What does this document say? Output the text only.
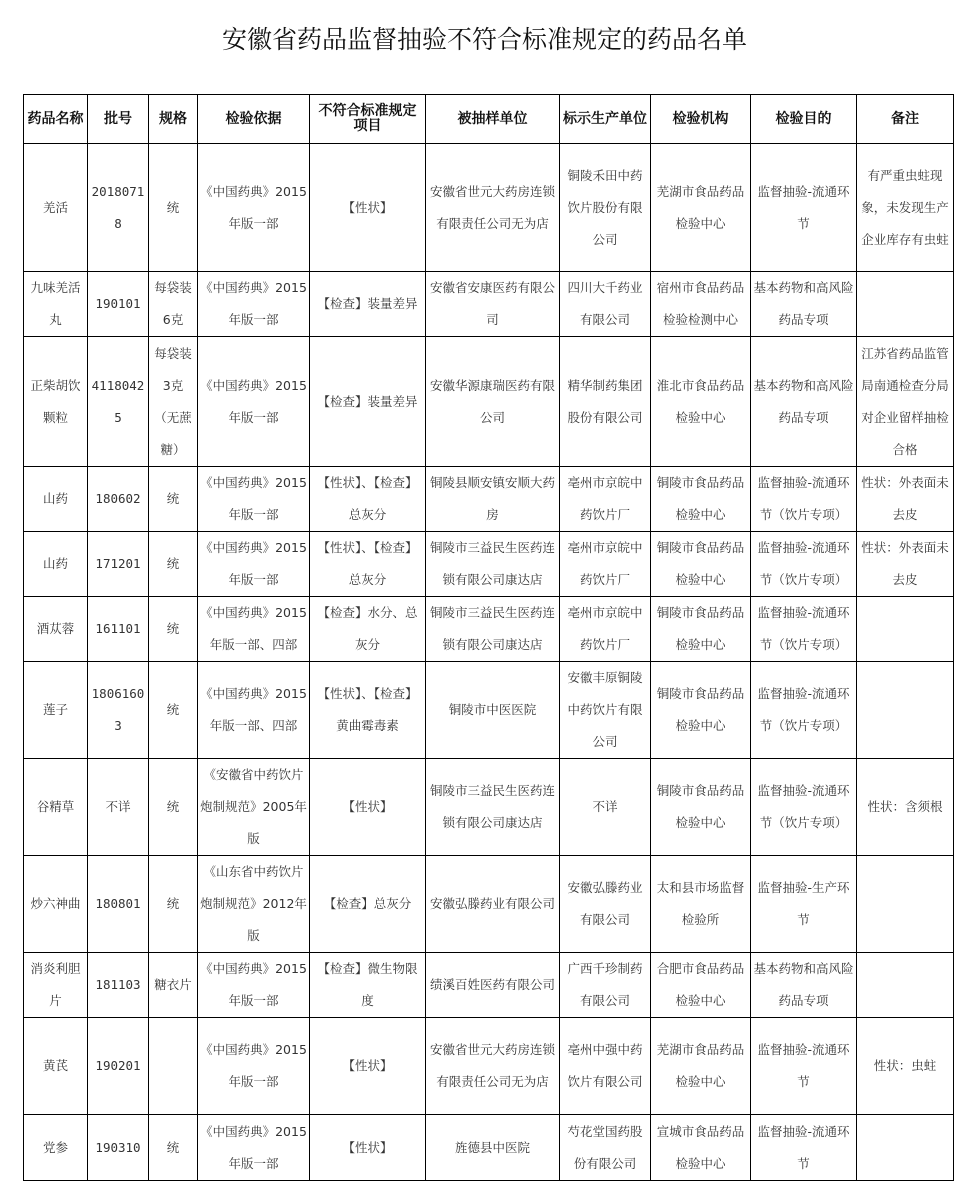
安徽省药品监督抽验不符合标准规定的药品名单
药品名称	批号	规格	检验依据	不符合标准规定项目	被抽样单位	标示生产单位	检验机构	检验目的	备注
羌活	20180718	统	《中国药典》2015年版一部	【性状】	安徽省世元大药房连锁有限责任公司无为店	铜陵禾田中药饮片股份有限公司	芜湖市食品药品检验中心	监督抽验-流通环节	有严重虫蛀现象，未发现生产企业库存有虫蛀
九味羌活丸	190101	每袋装6克	《中国药典》2015年版一部	【检查】装量差异	安徽省安康医药有限公司	四川大千药业有限公司	宿州市食品药品检验检测中心	基本药物和高风险药品专项	
正柴胡饮颗粒	41180425	每袋装3克（无蔗糖）	《中国药典》2015年版一部	【检查】装量差异	安徽华源康瑞医药有限公司	精华制药集团股份有限公司	淮北市食品药品检验中心	基本药物和高风险药品专项	江苏省药品监管局南通检查分局对企业留样抽检合格
山药	180602	统	《中国药典》2015年版一部	【性状】、【检查】总灰分	铜陵县顺安镇安顺大药房	亳州市京皖中药饮片厂	铜陵市食品药品检验中心	监督抽验-流通环节（饮片专项）	性状：外表面未去皮
山药	171201	统	《中国药典》2015年版一部	【性状】、【检查】总灰分	铜陵市三益民生医药连锁有限公司康达店	亳州市京皖中药饮片厂	铜陵市食品药品检验中心	监督抽验-流通环节（饮片专项）	性状：外表面未去皮
酒苁蓉	161101	统	《中国药典》2015年版一部、四部	【检查】水分、总灰分	铜陵市三益民生医药连锁有限公司康达店	亳州市京皖中药饮片厂	铜陵市食品药品检验中心	监督抽验-流通环节（饮片专项）	
莲子	18061603	统	《中国药典》2015年版一部、四部	【性状】、【检查】黄曲霉毒素	铜陵市中医医院	安徽丰原铜陵中药饮片有限公司	铜陵市食品药品检验中心	监督抽验-流通环节（饮片专项）	
谷精草	不详	统	《安徽省中药饮片炮制规范》2005年版	【性状】	铜陵市三益民生医药连锁有限公司康达店	不详	铜陵市食品药品检验中心	监督抽验-流通环节（饮片专项）	性状：含须根
炒六神曲	180801	统	《山东省中药饮片炮制规范》2012年版	【检查】总灰分	安徽弘滕药业有限公司	安徽弘滕药业有限公司	太和县市场监督检验所	监督抽验-生产环节	
消炎利胆片	181103	糖衣片	《中国药典》2015年版一部	【检查】微生物限度	绩溪百姓医药有限公司	广西千珍制药有限公司	合肥市食品药品检验中心	基本药物和高风险药品专项	
黄芪	190201		《中国药典》2015年版一部	【性状】	安徽省世元大药房连锁有限责任公司无为店	亳州中强中药饮片有限公司	芜湖市食品药品检验中心	监督抽验-流通环节	性状：虫蛀
党参	190310	统	《中国药典》2015年版一部	【性状】	旌德县中医院	芍花堂国药股份有限公司	宣城市食品药品检验中心	监督抽验-流通环节	
